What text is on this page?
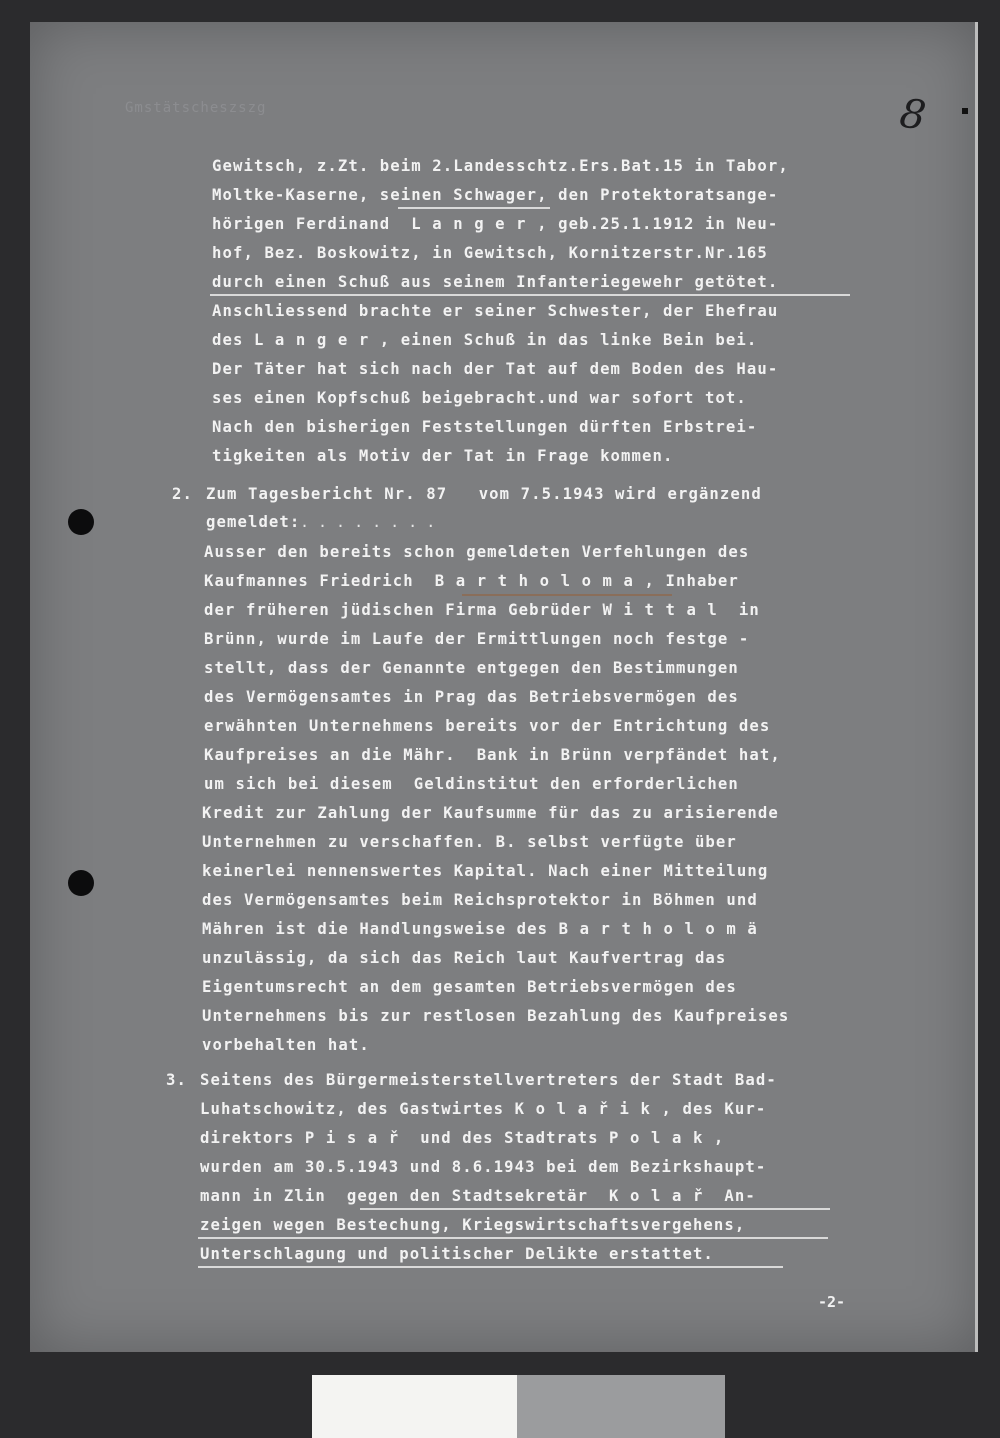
Gmstätscheszszg	8
Gewitsch, z.Zt. beim 2.Landesschtz.Ers.Bat.15 in Tabor,
Moltke-Kaserne, seinen Schwager, den Protektoratsange-
hörigen Ferdinand  L a n g e r , geb.25.1.1912 in Neu-
hof, Bez. Boskowitz, in Gewitsch, Kornitzerstr.Nr.165
durch einen Schuß aus seinem Infanteriegewehr getötet.
Anschliessend brachte er seiner Schwester, der Ehefrau
des L a n g e r , einen Schuß in das linke Bein bei.
Der Täter hat sich nach der Tat auf dem Boden des Hau-
ses einen Kopfschuß beigebracht.und war sofort tot.
Nach den bisherigen Feststellungen dürften Erbstrei-
tigkeiten als Motiv der Tat in Frage kommen.
2. Zum Tagesbericht Nr. 87   vom 7.5.1943 wird ergänzend
gemeldet:
Ausser den bereits schon gemeldeten Verfehlungen des
Kaufmannes Friedrich  B a r t h o l o m a , Inhaber
der früheren jüdischen Firma Gebrüder W i t t a l  in
Brünn, wurde im Laufe der Ermittlungen noch festge -
stellt, dass der Genannte entgegen den Bestimmungen
des Vermögensamtes in Prag das Betriebsvermögen des
erwähnten Unternehmens bereits vor der Entrichtung des
Kaufpreises an die Mähr.  Bank in Brünn verpfändet hat,
um sich bei diesem  Geldinstitut den erforderlichen
Kredit zur Zahlung der Kaufsumme für das zu arisierende
Unternehmen zu verschaffen. B. selbst verfügte über
keinerlei nennenswertes Kapital. Nach einer Mitteilung
des Vermögensamtes beim Reichsprotektor in Böhmen und
Mähren ist die Handlungsweise des B a r t h o l o m ä
unzulässig, da sich das Reich laut Kaufvertrag das
Eigentumsrecht an dem gesamten Betriebsvermögen des
Unternehmens bis zur restlosen Bezahlung des Kaufpreises
vorbehalten hat.
3. Seitens des Bürgermeisterstellvertreters der Stadt Bad-
Luhatschowitz, des Gastwirtes K o l a ř i k , des Kur-
direktors P i s a ř  und des Stadtrats P o l a k ,
wurden am 30.5.1943 und 8.6.1943 bei dem Bezirkshaupt-
mann in Zlin  gegen den Stadtsekretär  K o l a ř  An-
zeigen wegen Bestechung, Kriegswirtschaftsvergehens,
Unterschlagung und politischer Delikte erstattet.
........
-2-
